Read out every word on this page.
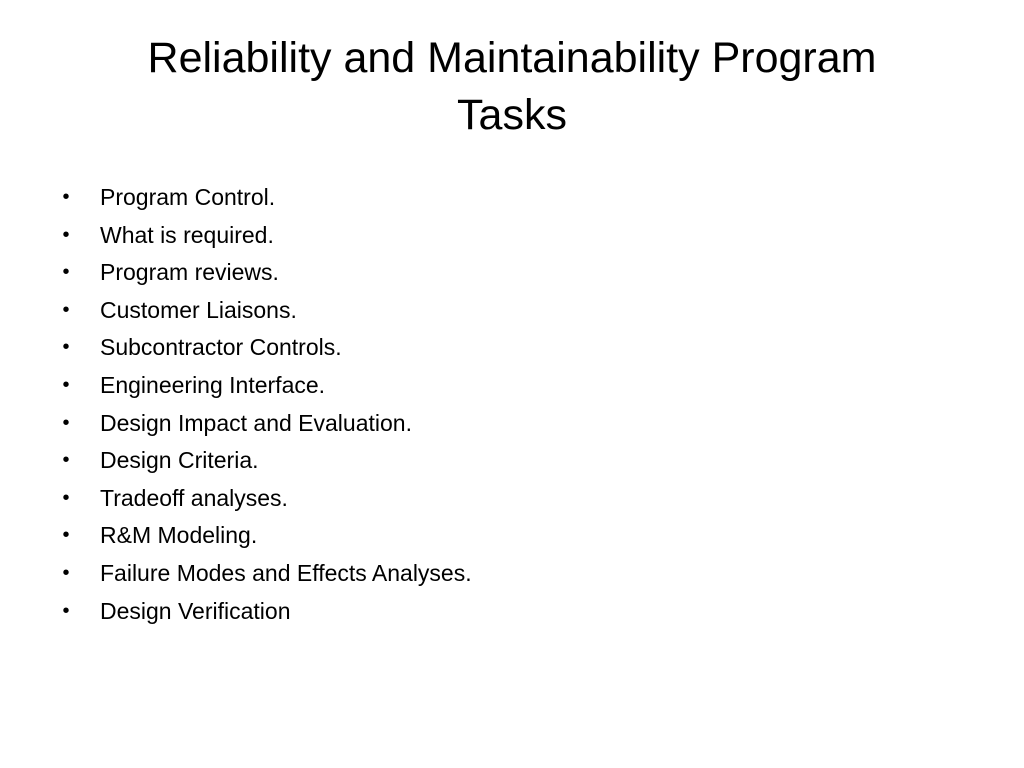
Reliability and Maintainability Program
Tasks
• Program Control.
• What is required.
• Program reviews.
• Customer Liaisons.
• Subcontractor Controls.
• Engineering Interface.
• Design Impact and Evaluation.
• Design Criteria.
• Tradeoff analyses.
• R&M Modeling.
• Failure Modes and Effects Analyses.
• Design Verification
